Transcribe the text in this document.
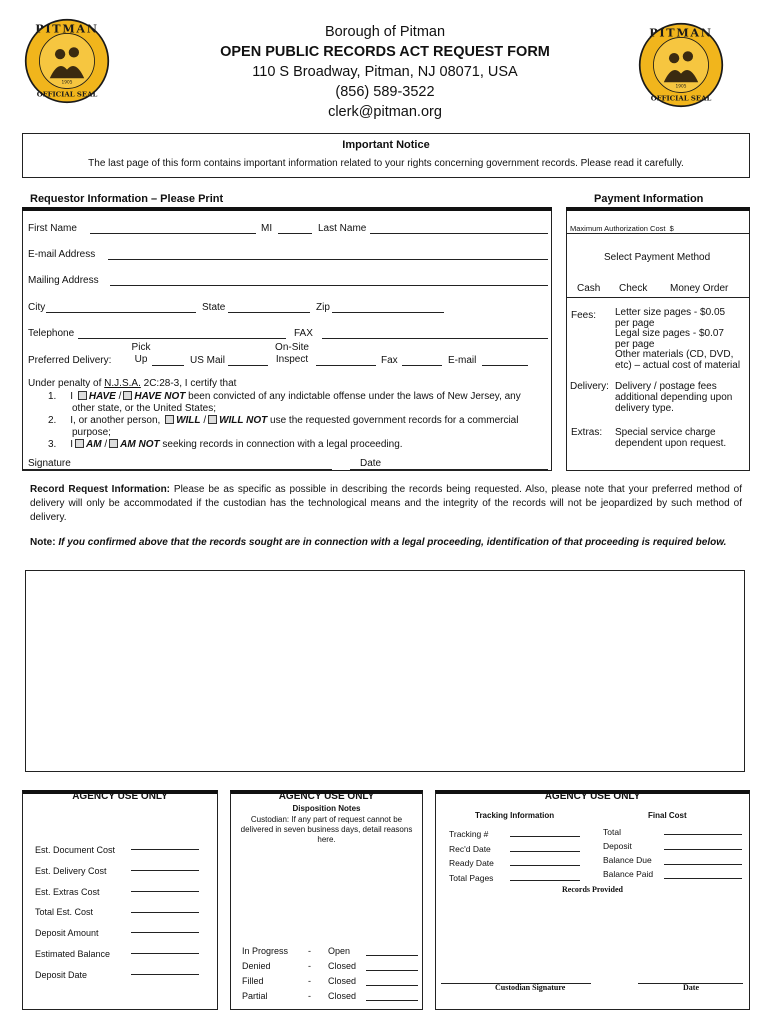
PITMAN
1905
OFFICIAL SEAL
PITMAN
1905
OFFICIAL SEAL
Borough of Pitman
OPEN PUBLIC RECORDS ACT REQUEST FORM
110 S Broadway, Pitman, NJ 08071, USA
(856) 589-3522
clerk@pitman.org
Important Notice
The last page of this form contains important information related to your rights concerning government records. Please read it carefully.
Requestor Information – Please Print	Payment Information
First Name	MI	Last Name
E-mail Address
Mailing Address
City	State	Zip
Telephone	FAX
Preferred Delivery:
Pick
Up	US Mail
On-Site
Inspect	Fax	E-mail
Under penalty of N.J.S.A. 2C:28-3, I certify that
1. I HAVE / HAVE NOT been convicted of any indictable offense under the laws of New Jersey, any
other state, or the United States;
2. I, or another person, WILL / WILL NOT use the requested government records for a commercial
purpose;
3. I AM / AM NOT seeking records in connection with a legal proceeding.
Signature	Date
Maximum Authorization Cost $
Select Payment Method
Cash Check Money Order
Fees: Letter size pages - $0.05
per page
Legal size pages - $0.07
per page
Other materials (CD, DVD,
etc) – actual cost of material
Delivery: Delivery / postage fees
additional depending upon
delivery type.
Extras: Special service charge
dependent upon request.
Record Request Information: Please be as specific as possible in describing the records being requested. Also, please note that your preferred method of delivery will only be accommodated if the custodian has the technological means and the integrity of the records will not be jeopardized by such method of delivery.
Note: If you confirmed above that the records sought are in connection with a legal proceeding, identification of that proceeding is required below.
AGENCY USE ONLY
Est. Document Cost
Est. Delivery Cost
Est. Extras Cost
Total Est. Cost
Deposit Amount
Estimated Balance
Deposit Date
AGENCY USE ONLY
Disposition Notes
Custodian: If any part of request cannot be delivered in seven business days, detail reasons here.
In Progress	-	Open
Denied	-	Closed
Filled	-	Closed
Partial	-	Closed
AGENCY USE ONLY
Tracking Information	Final Cost
Tracking #
Rec'd Date
Ready Date
Total Pages
Total
Deposit
Balance Due
Balance Paid
Records Provided
Custodian Signature	Date
